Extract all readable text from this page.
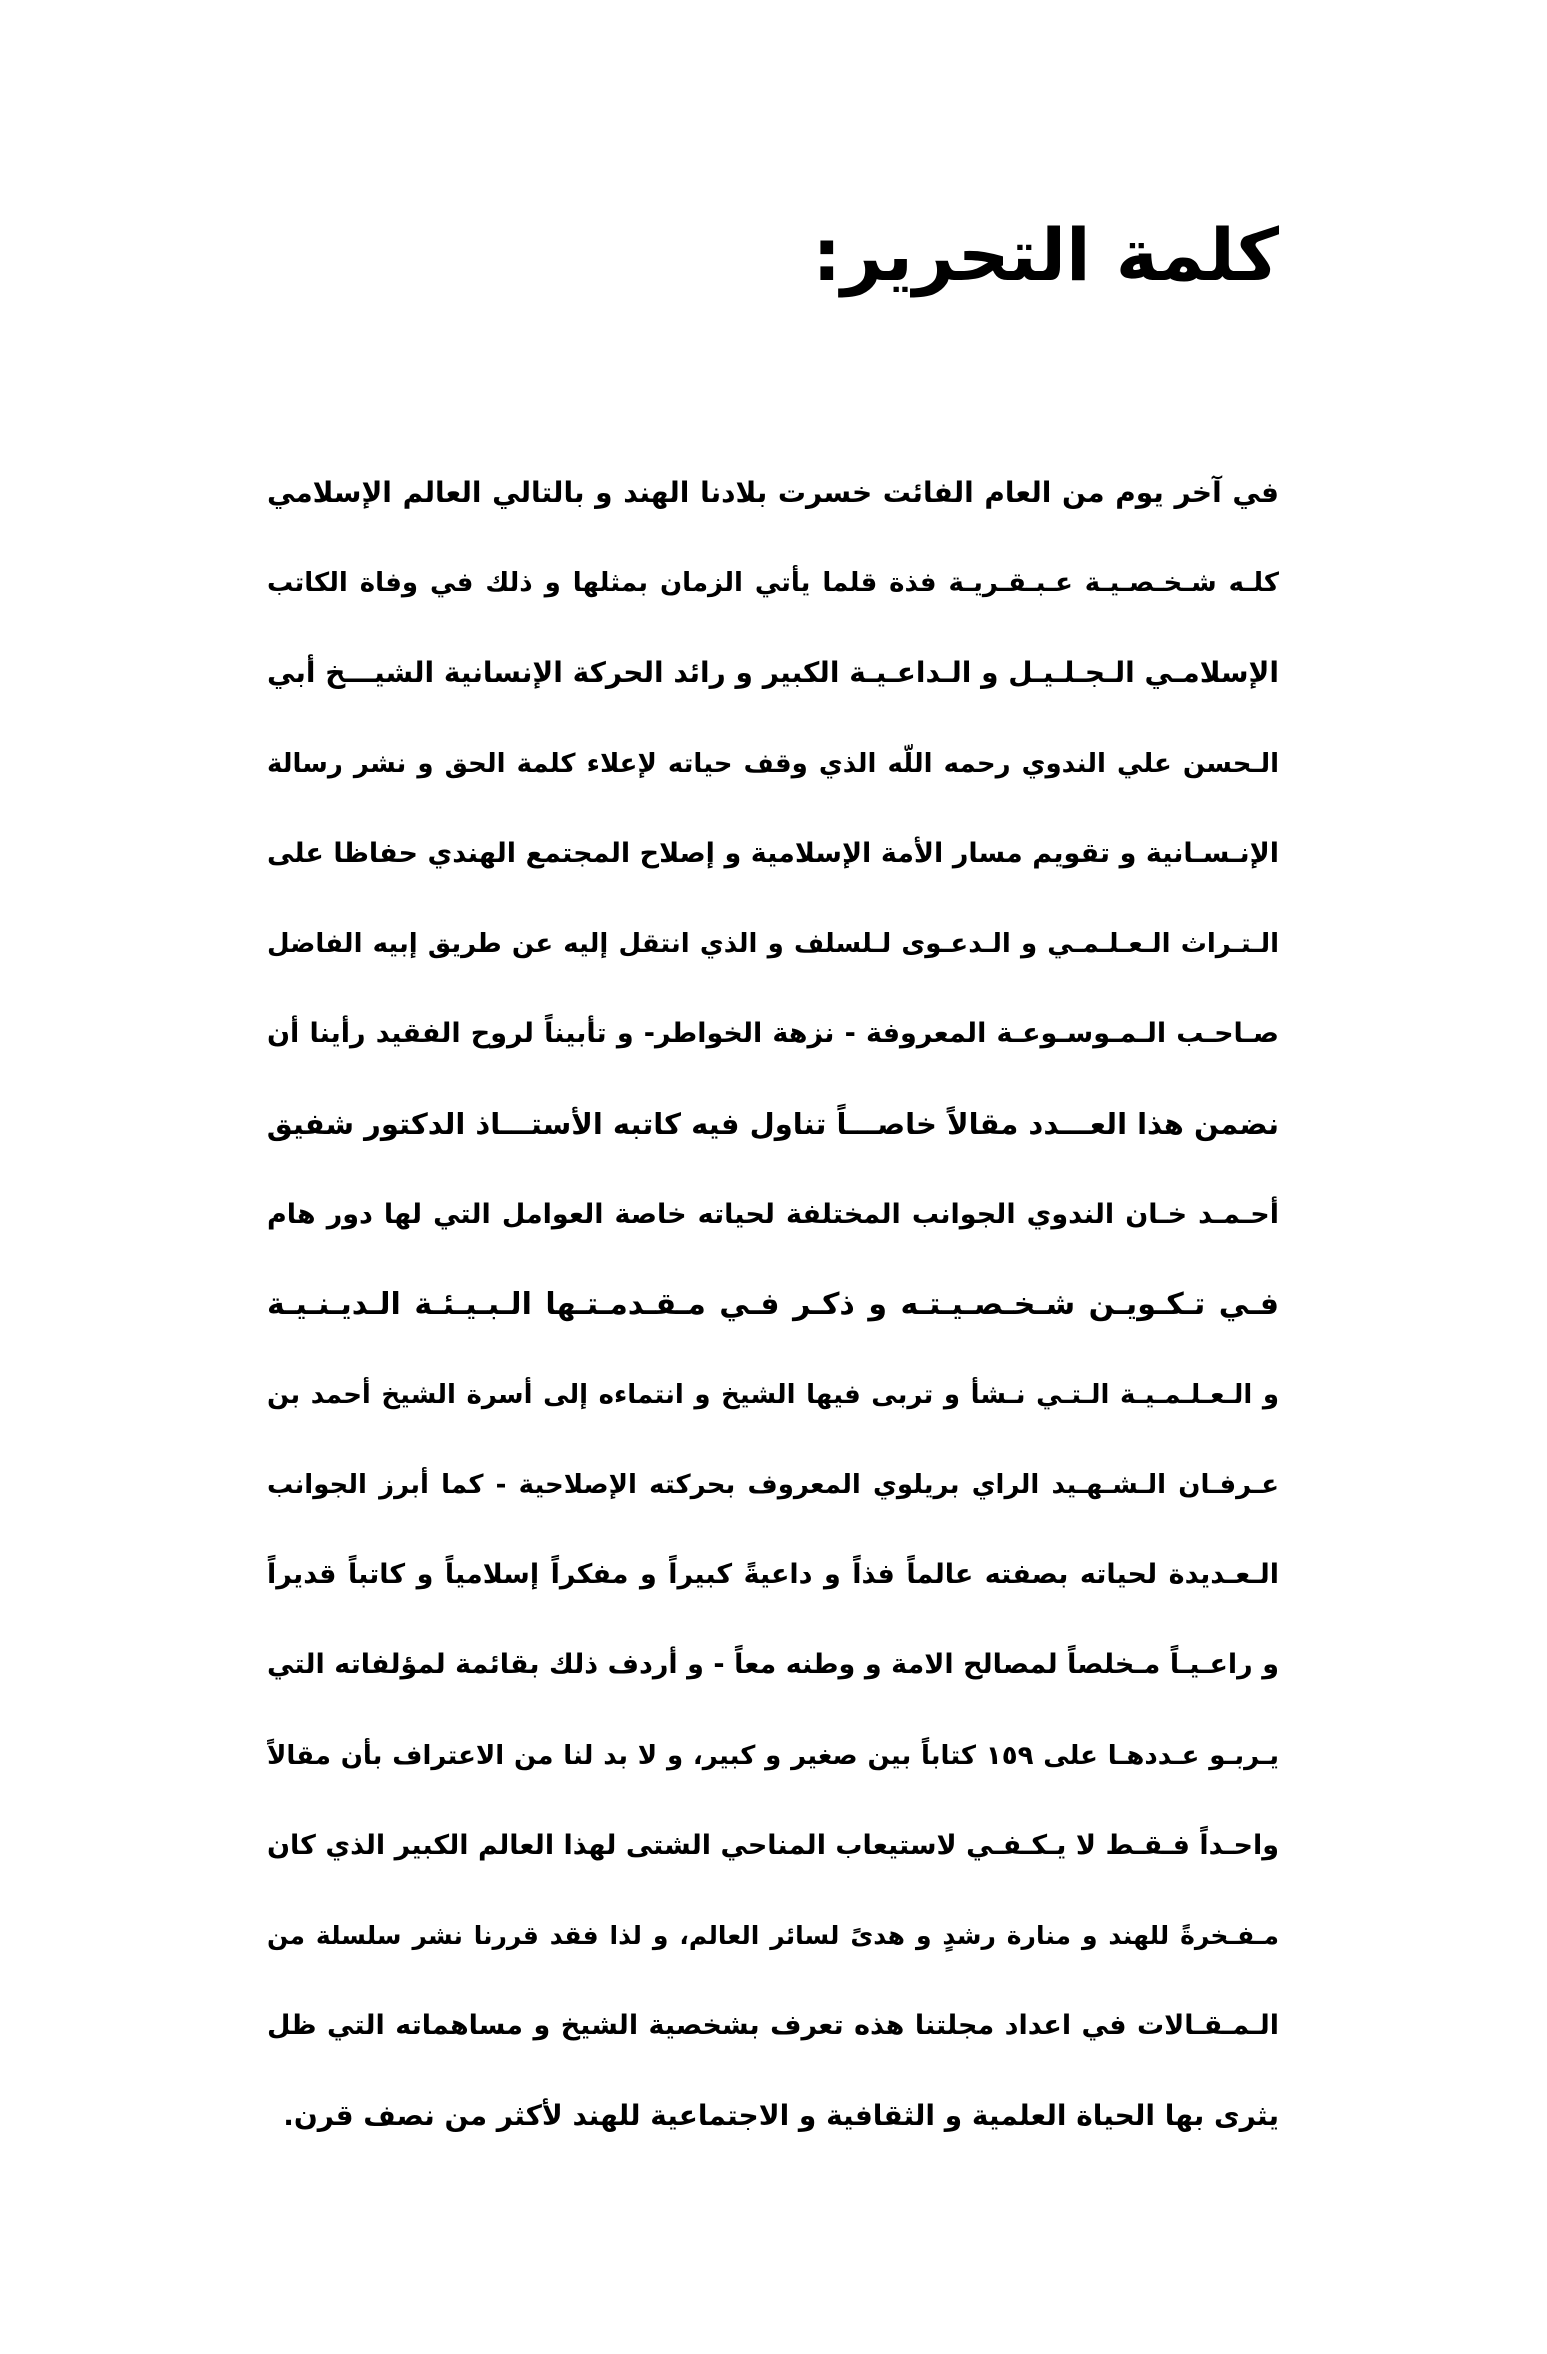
كلمة التحرير:
في آخر يوم من العام الفائت خسرت بلادنا الهند و بالتالي العالم الإسلامي
كلـه شـخـصـيـة عـبـقـريـة فذة قلما يأتي الزمان بمثلها و ذلك في وفاة الكاتب
الإسلامـي الـجـلـيـل و الـداعـيـة الكبير و رائد الحركة الإنسانية الشيـــخ أبي
الـحسن علي الندوي رحمه اللّه الذي وقف حياته لإعلاء كلمة الحق و نشر رسالة
الإنـسـانية و تقويم مسار الأمة الإسلامية و إصلاح المجتمع الهندي حفاظا على
الـتـراث الـعـلـمـي و الـدعـوى لـلسلف و الذي انتقل إليه عن طريق إبيه الفاضل
صـاحـب الـمـوسـوعـة المعروفة - نزهة الخواطر- و تأبيناً لروح الفقيد رأينا أن
نضمن هذا العـــدد مقالاً خاصـــاً تناول فيه كاتبه الأستـــاذ الدكتور شفيق
أحـمـد خـان الندوي الجوانب المختلفة لحياته خاصة العوامل التي لها دور هام
فـي تـكـويـن شـخـصـيـتـه و ذكـر فـي مـقـدمـتـها الـبـيـئـة الـديـنـيـة
و الـعـلـمـيـة الـتـي نـشأ و تربى فيها الشيخ و انتماءه إلى أسرة الشيخ أحمد بن
عـرفـان الـشـهـيد الراي بريلوي المعروف بحركته الإصلاحية - كما أبرز الجوانب
الـعـديدة لحياته بصفته عالماً فذاً و داعيةً كبيراً و مفكراً إسلامياً و كاتباً قديراً
و راعـيـاً مـخلصاً لمصالح الامة و وطنه معاً - و أردف ذلك بقائمة لمؤلفاته التي
يـربـو عـددهـا على ١٥٩ كتاباً بين صغير و كبير، و لا بد لنا من الاعتراف بأن مقالاً
واحـداً فـقـط لا يـكـفـي لاستيعاب المناحي الشتى لهذا العالم الكبير الذي كان
مـفـخرةً للهند و منارة رشدٍ و هدىً لسائر العالم، و لذا فقد قررنا نشر سلسلة من
الـمـقـالات في اعداد مجلتنا هذه تعرف بشخصية الشيخ و مساهماته التي ظل
يثرى بها الحياة العلمية و الثقافية و الاجتماعية للهند لأكثر من نصف قرن.
